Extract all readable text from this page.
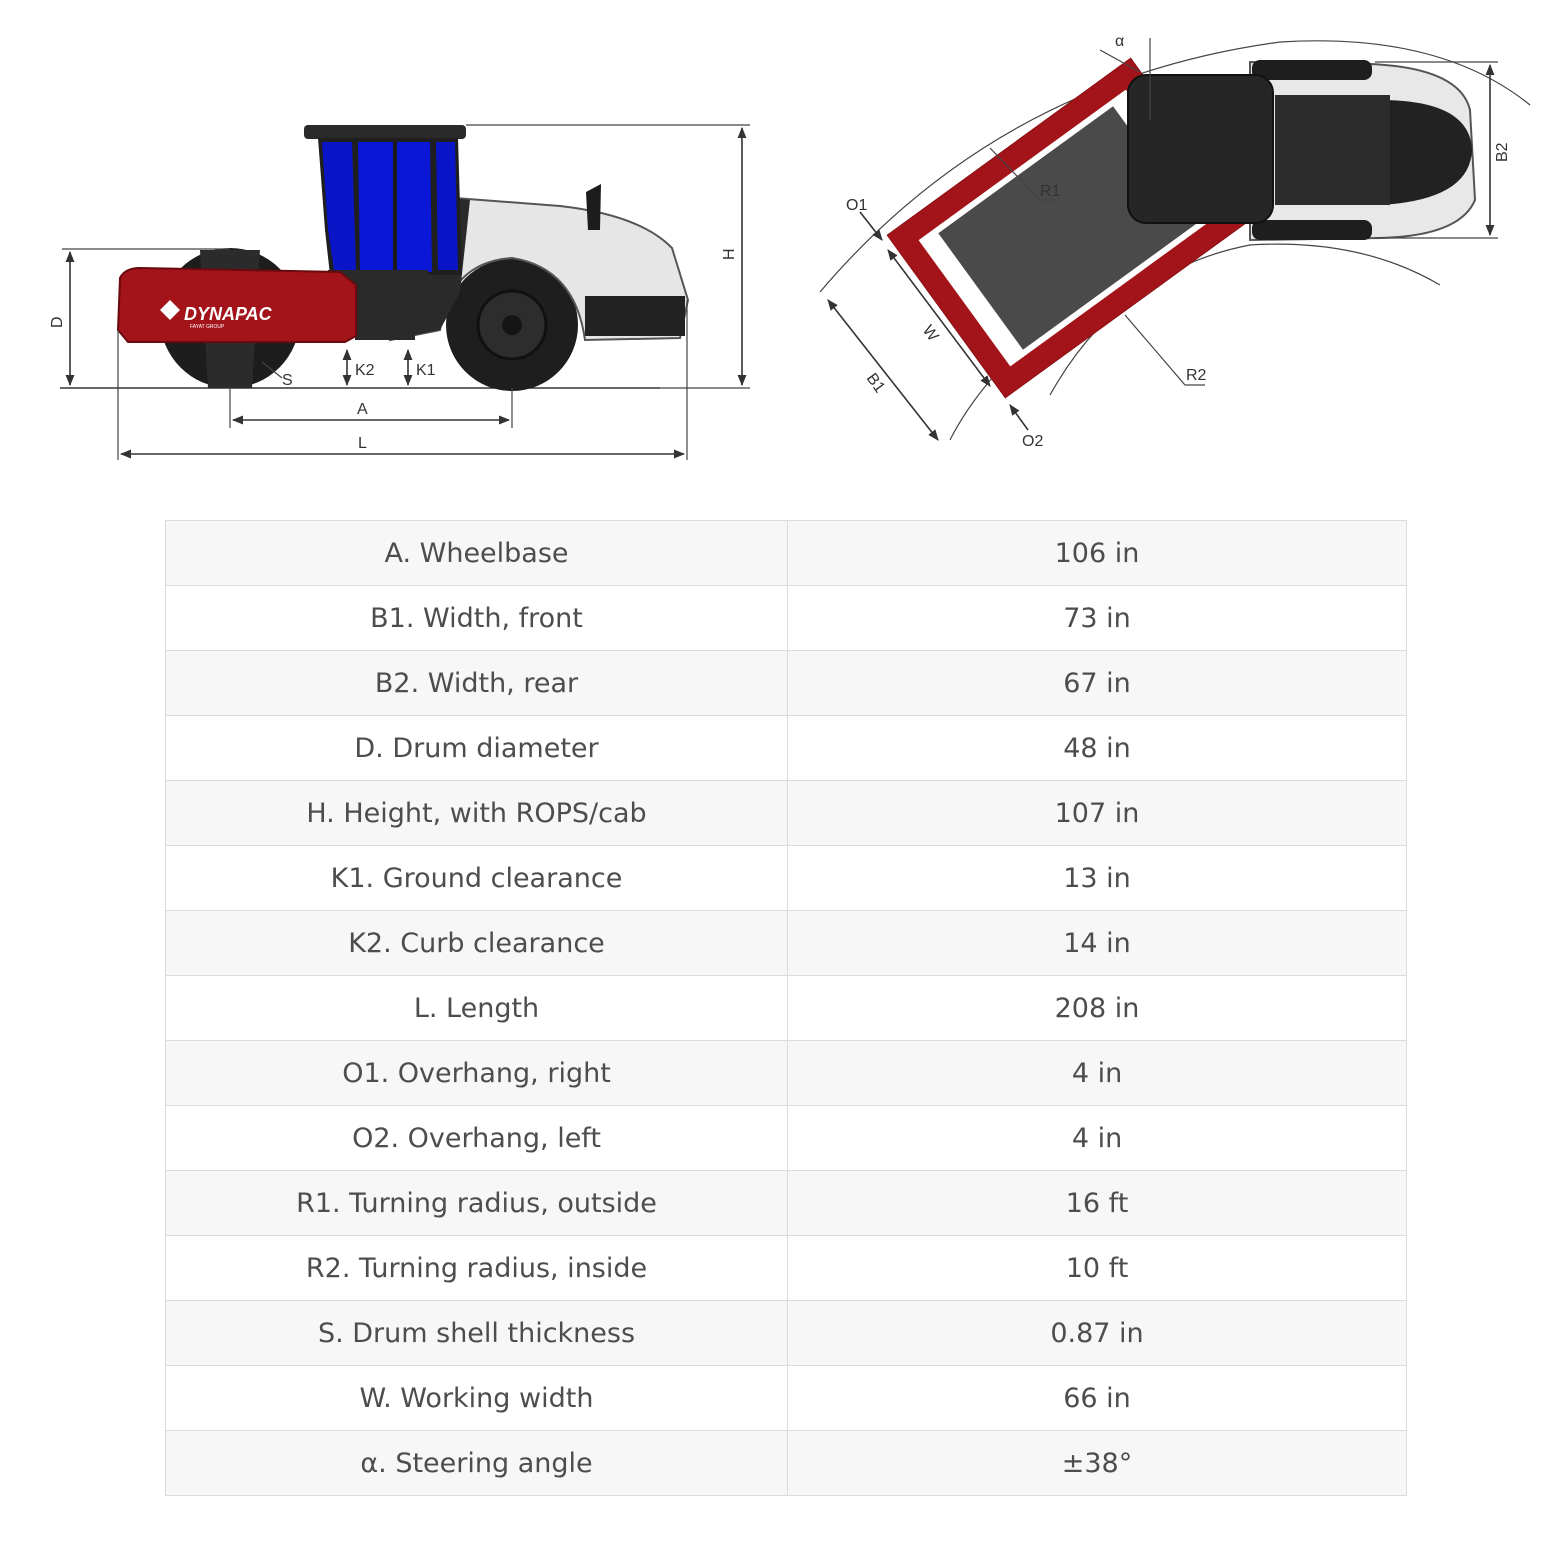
DYNAPAC
FAYAT GROUP
S
D
H
K2	K1
A
L
α
B2
R1
R2
O1
O2
W
B1
A. Wheelbase	106 in
B1. Width, front	73 in
B2. Width, rear	67 in
D. Drum diameter	48 in
H. Height, with ROPS/cab	107 in
K1. Ground clearance	13 in
K2. Curb clearance	14 in
L. Length	208 in
O1. Overhang, right	4 in
O2. Overhang, left	4 in
R1. Turning radius, outside	16 ft
R2. Turning radius, inside	10 ft
S. Drum shell thickness	0.87 in
W. Working width	66 in
α. Steering angle	±38°
